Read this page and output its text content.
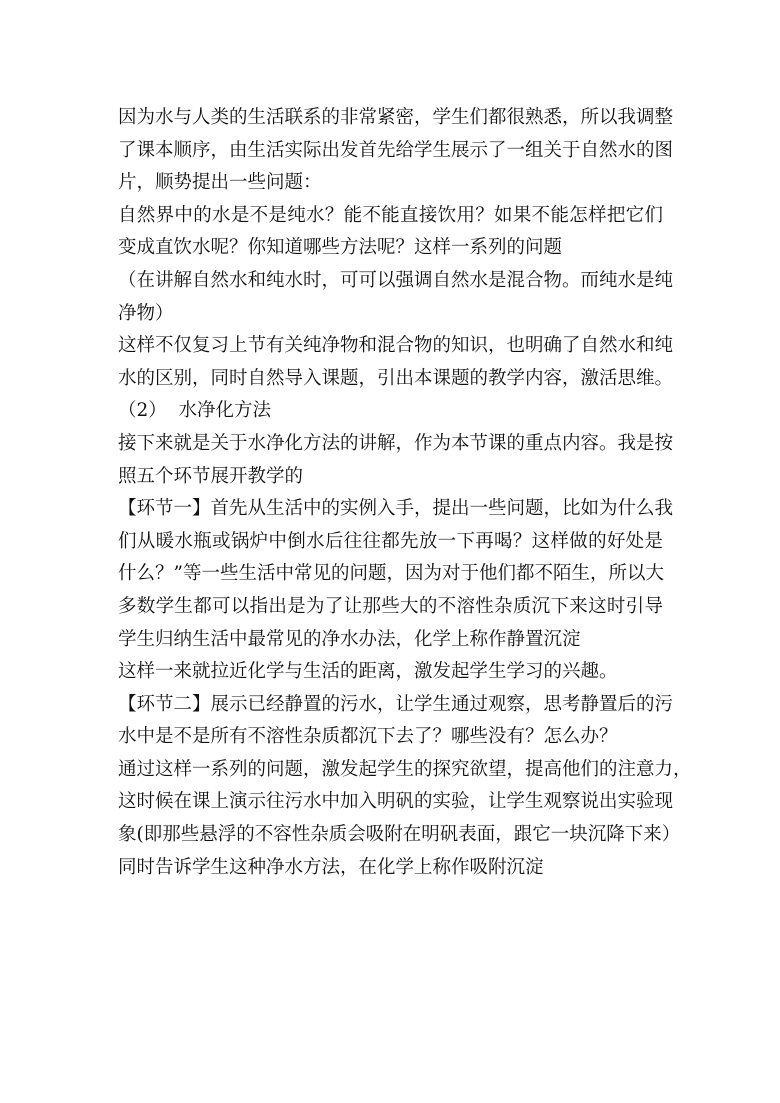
因为水与人类的生活联系的非常紧密，学生们都很熟悉，所以我调整
了课本顺序，由生活实际出发首先给学生展示了一组关于自然水的图
片，顺势提出一些问题：
自然界中的水是不是纯水？能不能直接饮用？如果不能怎样把它们
变成直饮水呢？你知道哪些方法呢？这样一系列的问题
（在讲解自然水和纯水时，可可以强调自然水是混合物。而纯水是纯
净物）
这样不仅复习上节有关纯净物和混合物的知识，也明确了自然水和纯
水的区别，同时自然导入课题，引出本课题的教学内容，激活思维。
（2）  水净化方法
接下来就是关于水净化方法的讲解，作为本节课的重点内容。我是按
照五个环节展开教学的
【环节一】首先从生活中的实例入手，提出一些问题，比如为什么我
们从暖水瓶或锅炉中倒水后往往都先放一下再喝？这样做的好处是
什么？”等一些生活中常见的问题，因为对于他们都不陌生，所以大
多数学生都可以指出是为了让那些大的不溶性杂质沉下来这时引导
学生归纳生活中最常见的净水办法，化学上称作静置沉淀
这样一来就拉近化学与生活的距离，激发起学生学习的兴趣。
【环节二】展示已经静置的污水，让学生通过观察，思考静置后的污
水中是不是所有不溶性杂质都沉下去了？哪些没有？怎么办？
通过这样一系列的问题，激发起学生的探究欲望，提高他们的注意力，
这时候在课上演示往污水中加入明矾的实验，让学生观察说出实验现
象(即那些悬浮的不容性杂质会吸附在明矾表面，跟它一块沉降下来）
同时告诉学生这种净水方法，在化学上称作吸附沉淀
